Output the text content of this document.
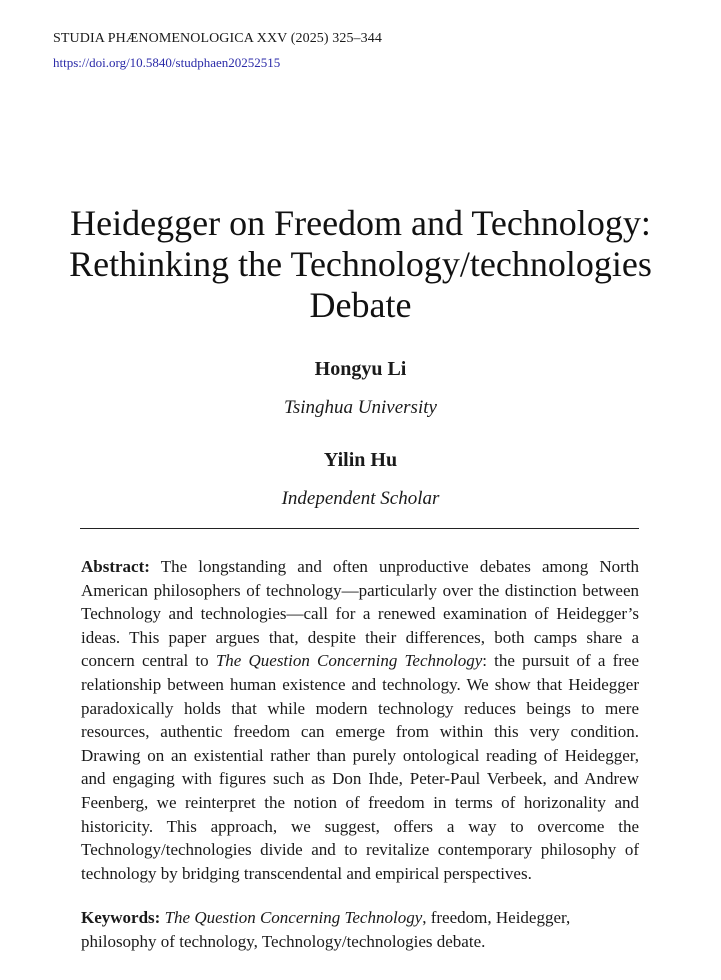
STUDIA PHÆNOMENOLOGICA XXV (2025) 325–344
https://doi.org/10.5840/studphaen20252515
Heidegger on Freedom and Technology:
Rethinking the Technology/technologies
Debate
Hongyu Li
Tsinghua University
Yilin Hu
Independent Scholar

Abstract: The longstanding and often unproductive debates among North American philosophers of technology—particularly over the distinction between Technology and technologies—call for a renewed examination of Heidegger’s ideas. This paper argues that, despite their differences, both camps share a concern central to The Question Concerning Technology: the pursuit of a free relationship between human existence and technology. We show that Heidegger paradoxically holds that while modern technology reduces beings to mere resources, authentic freedom can emerge from within this very condition. Drawing on an existential rather than purely ontological reading of Heidegger, and engaging with figures such as Don Ihde, Peter-Paul Verbeek, and Andrew Feenberg, we reinterpret the notion of freedom in terms of horizonality and historicity. This approach, we suggest, offers a way to overcome the Technology/technologies divide and to revitalize contemporary philosophy of technology by bridging transcendental and empirical perspectives.

Keywords: The Question Concerning Technology, freedom, Heidegger, philosophy of technology, Technology/technologies debate.
